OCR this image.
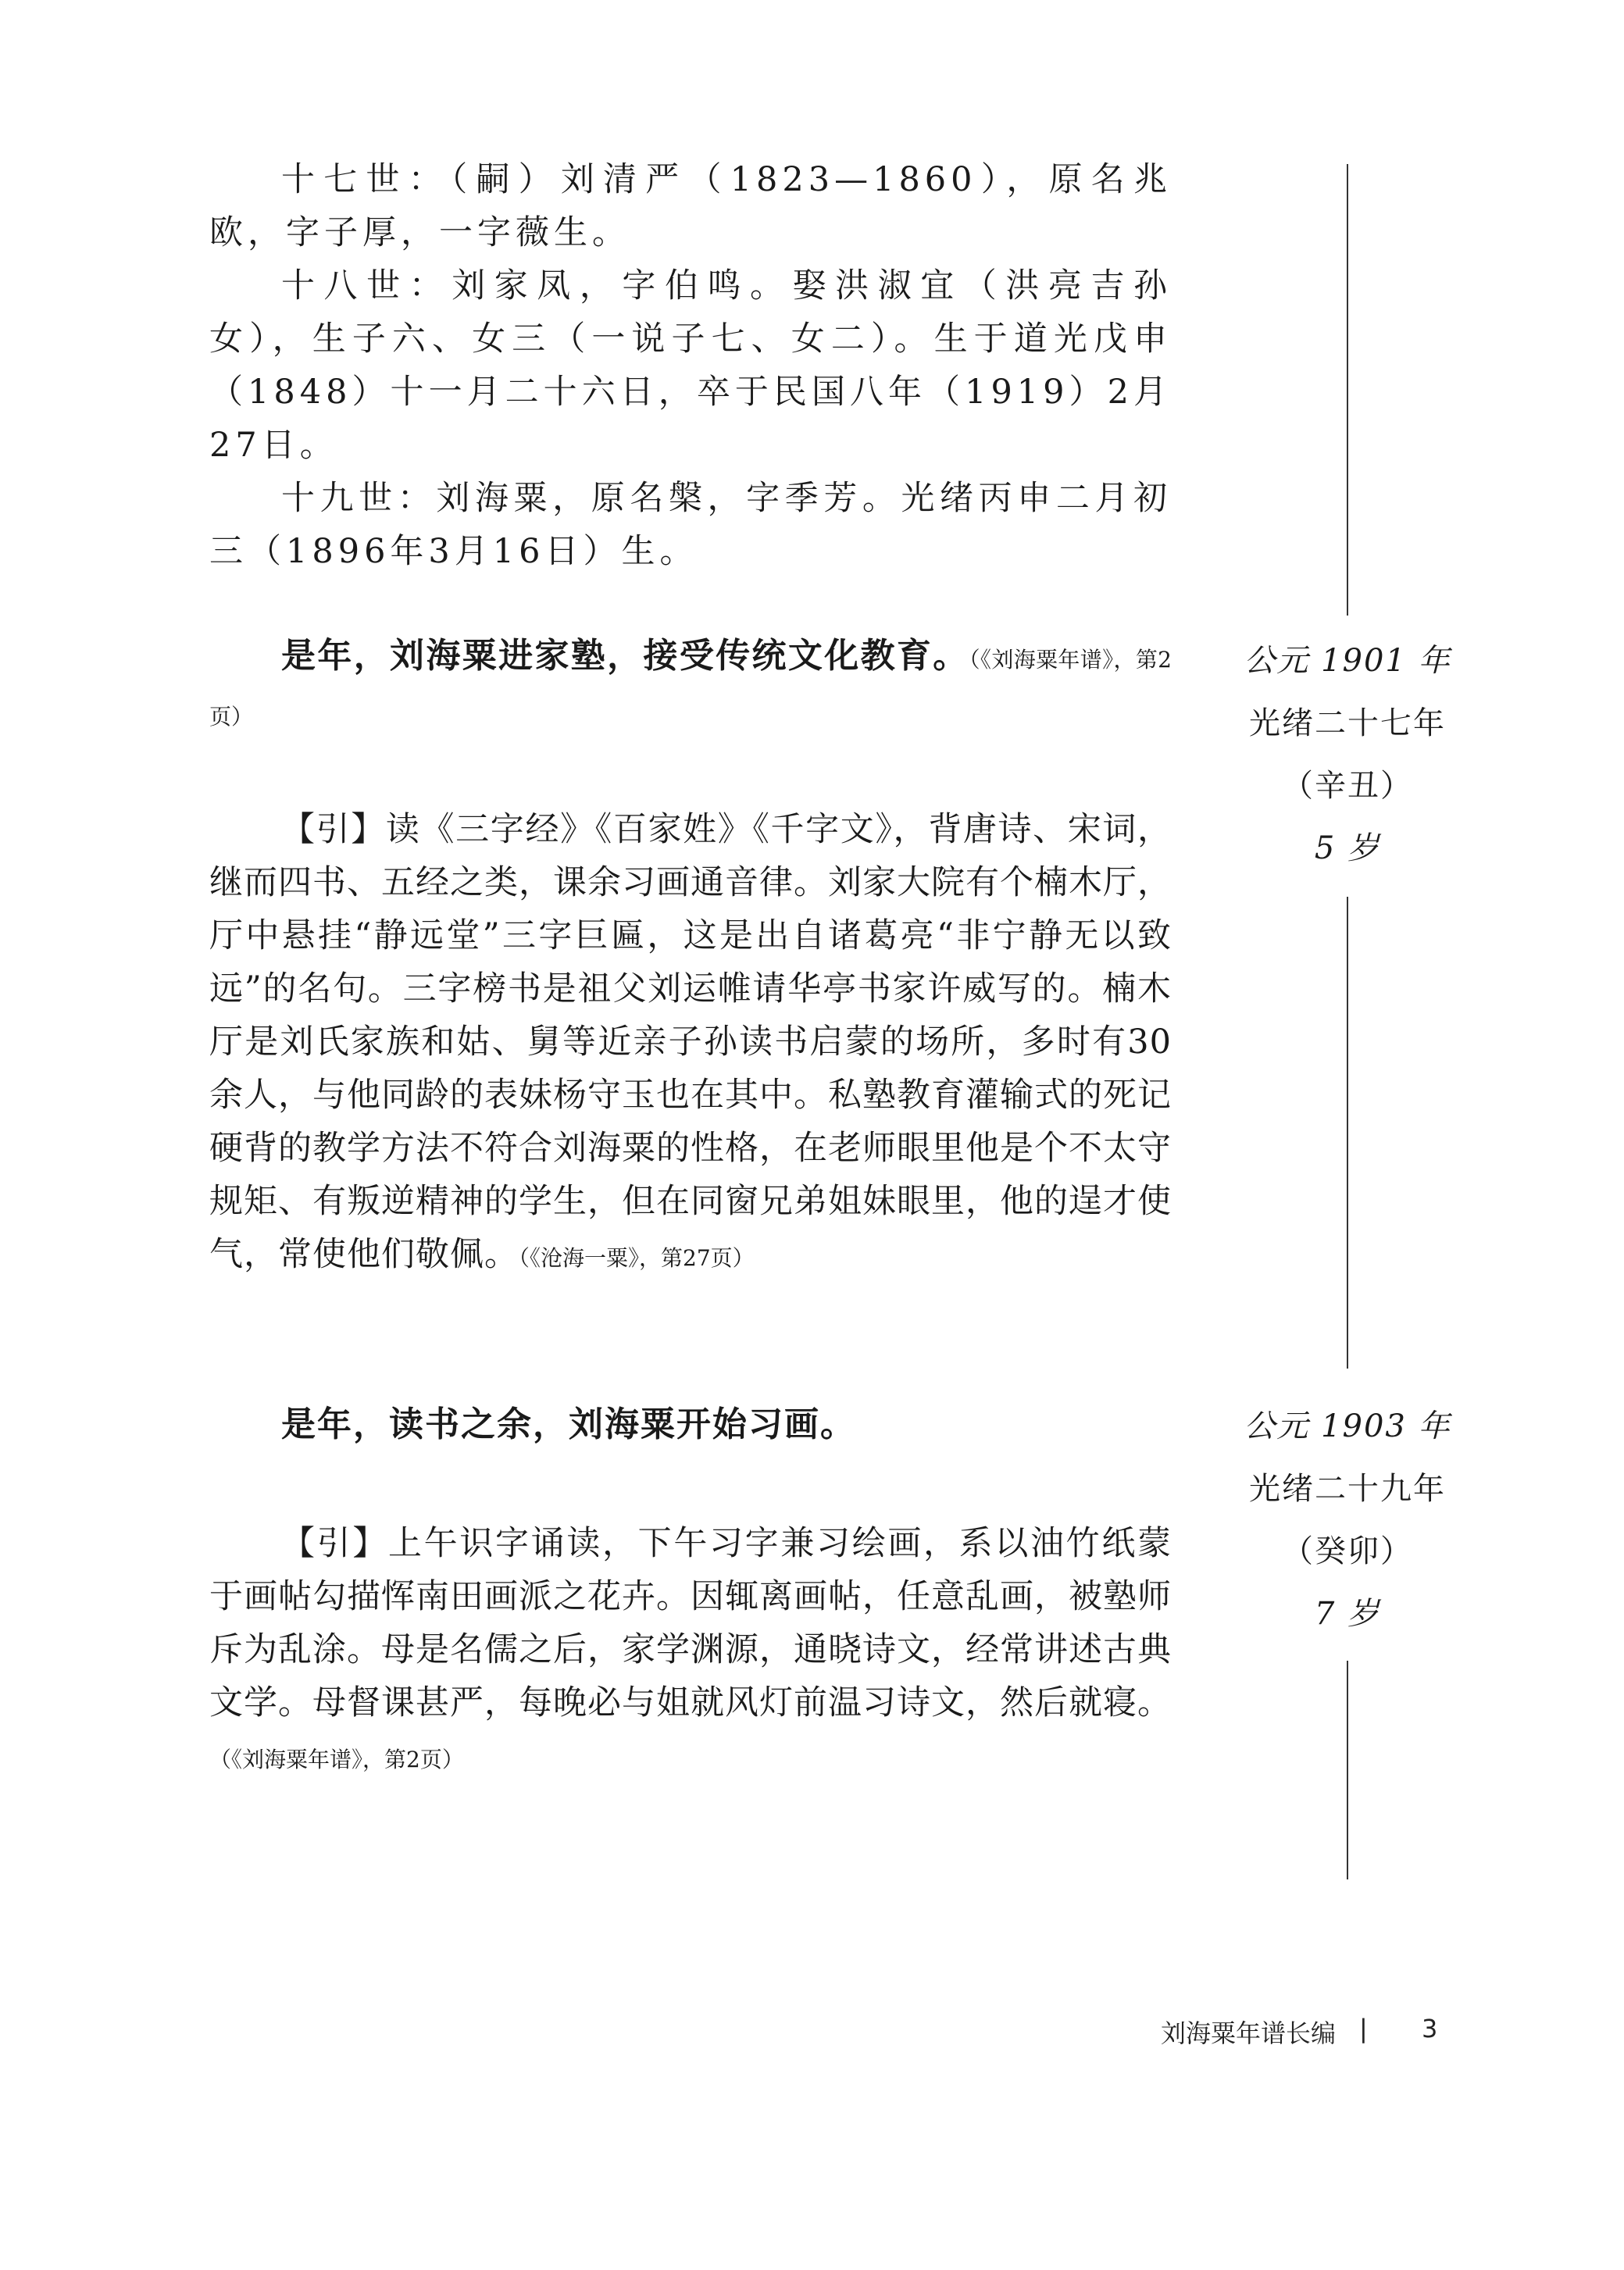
十七世：（嗣）刘清严（1823—1860），原名兆欧，字子厚，一字薇生。

十八世：刘家凤，字伯鸣。娶洪淑宜（洪亮吉孙女），生子六、女三（一说子七、女二）。生于道光戊申（1848）十一月二十六日，卒于民国八年（1919）2月27日。

十九世：刘海粟，原名槃，字季芳。光绪丙申二月初三（1896年3月16日）生。

是年，刘海粟进家塾，接受传统文化教育。（《刘海粟年谱》，第2页）

【引】读《三字经》《百家姓》《千字文》，背唐诗、宋词，继而四书、五经之类，课余习画通音律。刘家大院有个楠木厅，厅中悬挂“静远堂”三字巨匾，这是出自诸葛亮“非宁静无以致远”的名句。三字榜书是祖父刘运帷请华亭书家许威写的。楠木厅是刘氏家族和姑、舅等近亲子孙读书启蒙的场所，多时有30余人，与他同龄的表妹杨守玉也在其中。私塾教育灌输式的死记硬背的教学方法不符合刘海粟的性格，在老师眼里他是个不太守规矩、有叛逆精神的学生，但在同窗兄弟姐妹眼里，他的逞才使气，常使他们敬佩。（《沧海一粟》，第27页）

是年，读书之余，刘海粟开始习画。

【引】上午识字诵读，下午习字兼习绘画，系以油竹纸蒙于画帖勾描恽南田画派之花卉。因辄离画帖，任意乱画，被塾师斥为乱涂。母是名儒之后，家学渊源，通晓诗文，经常讲述古典文学。母督课甚严，每晚必与姐就风灯前温习诗文，然后就寝。（《刘海粟年谱》，第2页）

公元 1901 年
光绪二十七年
（辛丑）
5 岁
公元 1903 年
光绪二十九年
（癸卯）
7 岁
刘海粟年谱长编 | 3
